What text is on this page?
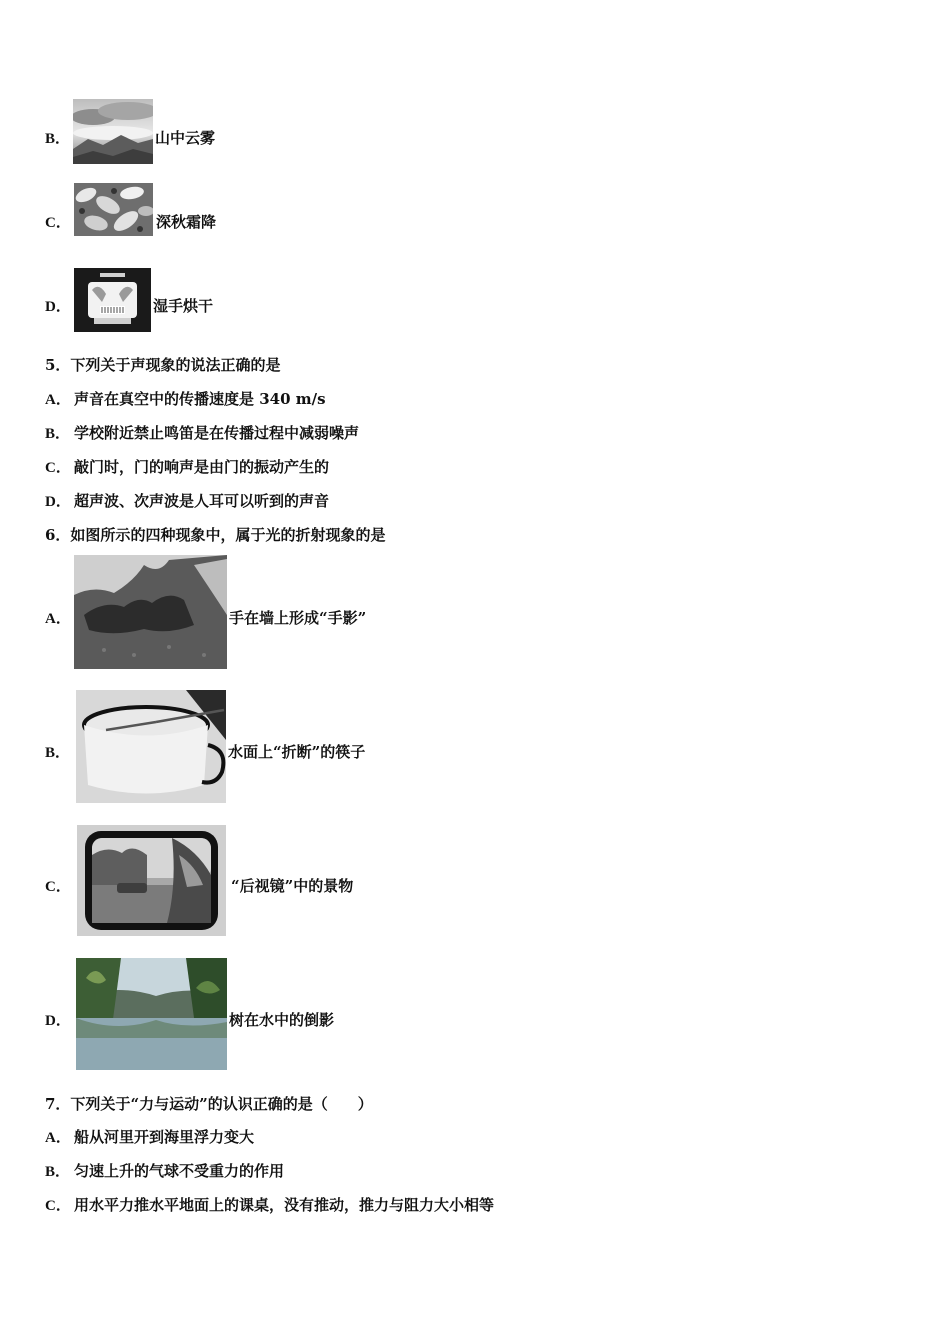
B．	山中云雾
C．	深秋霜降
D．	湿手烘干
5．下列关于声现象的说法正确的是
A． 声音在真空中的传播速度是 340 m/s
B． 学校附近禁止鸣笛是在传播过程中减弱噪声
C． 敲门时，门的响声是由门的振动产生的
D． 超声波、次声波是人耳可以听到的声音
6．如图所示的四种现象中，属于光的折射现象的是
A．	手在墙上形成“手影”
B．	水面上“折断”的筷子
C．	“后视镜”中的景物
D．	树在水中的倒影
7．下列关于“力与运动”的认识正确的是（　　）
A． 船从河里开到海里浮力变大
B． 匀速上升的气球不受重力的作用
C． 用水平力推水平地面上的课桌，没有推动，推力与阻力大小相等
